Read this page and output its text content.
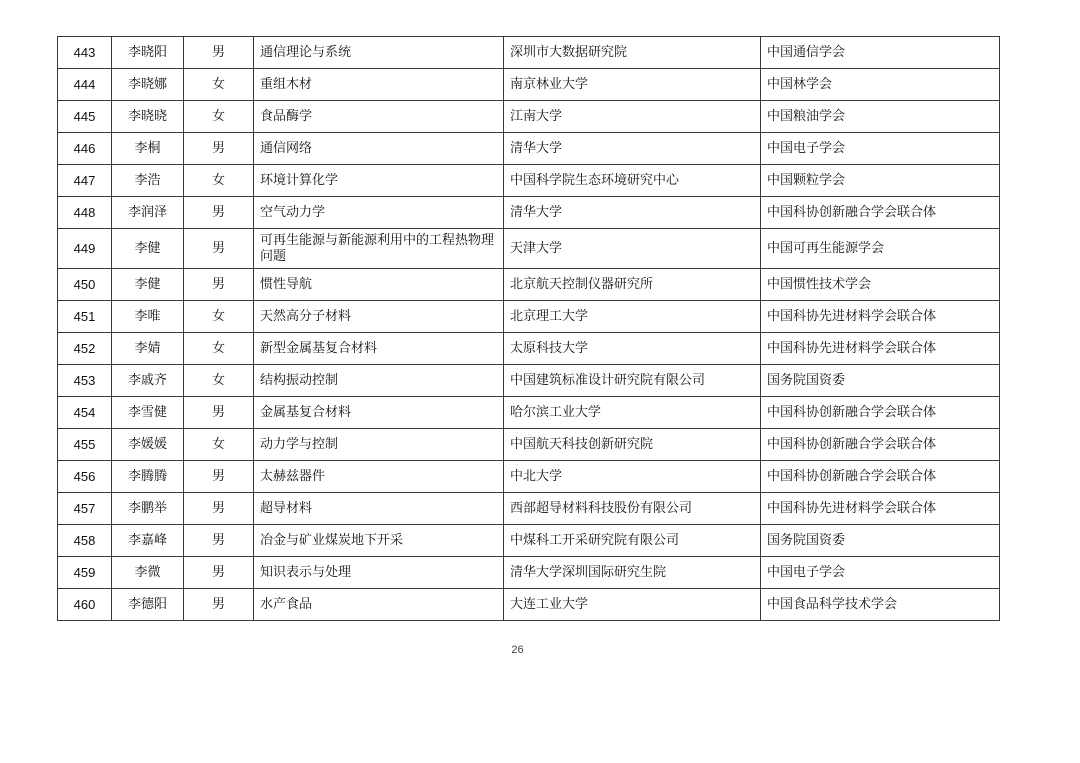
443	李晓阳	男	通信理论与系统	深圳市大数据研究院	中国通信学会
444	李晓娜	女	重组木材	南京林业大学	中国林学会
445	李晓晓	女	食品酶学	江南大学	中国粮油学会
446	李桐	男	通信网络	清华大学	中国电子学会
447	李浩	女	环境计算化学	中国科学院生态环境研究中心	中国颗粒学会
448	李润泽	男	空气动力学	清华大学	中国科协创新融合学会联合体
449	李健	男	可再生能源与新能源利用中的工程热物理问题	天津大学	中国可再生能源学会
450	李健	男	惯性导航	北京航天控制仪器研究所	中国惯性技术学会
451	李唯	女	天然高分子材料	北京理工大学	中国科协先进材料学会联合体
452	李婧	女	新型金属基复合材料	太原科技大学	中国科协先进材料学会联合体
453	李戚齐	女	结构振动控制	中国建筑标准设计研究院有限公司	国务院国资委
454	李雪健	男	金属基复合材料	哈尔滨工业大学	中国科协创新融合学会联合体
455	李媛媛	女	动力学与控制	中国航天科技创新研究院	中国科协创新融合学会联合体
456	李腾腾	男	太赫兹器件	中北大学	中国科协创新融合学会联合体
457	李鹏举	男	超导材料	西部超导材料科技股份有限公司	中国科协先进材料学会联合体
458	李嘉峰	男	冶金与矿业煤炭地下开采	中煤科工开采研究院有限公司	国务院国资委
459	李微	男	知识表示与处理	清华大学深圳国际研究生院	中国电子学会
460	李德阳	男	水产食品	大连工业大学	中国食品科学技术学会
26
